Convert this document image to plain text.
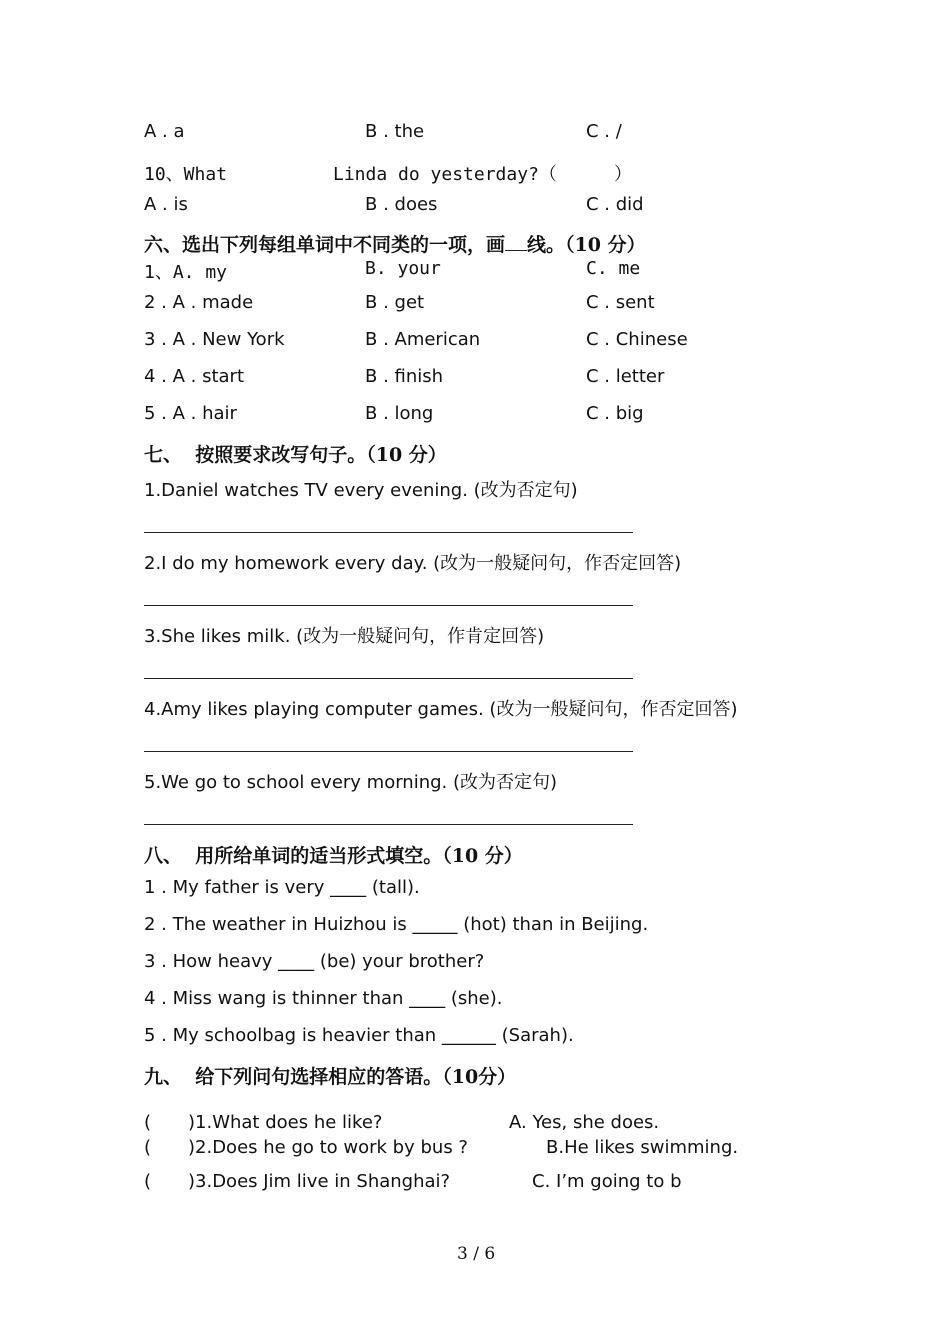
A . a	B . the	C . /
10、What	Linda do yesterday?（	）
A . is	B . does	C . did
六、选出下列每组单词中不同类的一项，画 线。（10 分）
1、A. my	B. your	C. me
2 . A . made	B . get	C . sent
3 . A . New York	B . American	C . Chinese
4 . A . start	B . finish	C . letter
5 . A . hair	B . long	C . big
七、  按照要求改写句子。（10 分）
1.Daniel watches TV every evening. (改为否定句)
2.I do my homework every day. (改为一般疑问句，作否定回答)
3.She likes milk. (改为一般疑问句，作肯定回答)
4.Amy likes playing computer games. (改为一般疑问句，作否定回答)
5.We go to school every morning. (改为否定句)
八、  用所给单词的适当形式填空。（10 分）
1 . My father is very ____ (tall).
2 . The weather in Huizhou is _____ (hot) than in Beijing.
3 . How heavy ____ (be) your brother?
4 . Miss wang is thinner than ____ (she).
5 . My schoolbag is heavier than ______ (Sarah).
九、  给下列问句选择相应的答语。（10分）
( )1.What does he like?	A. Yes, she does.
( )2.Does he go to work by bus ?	B.He likes swimming.
( )3.Does Jim live in Shanghai?	C. I’m going to b
3 / 6
